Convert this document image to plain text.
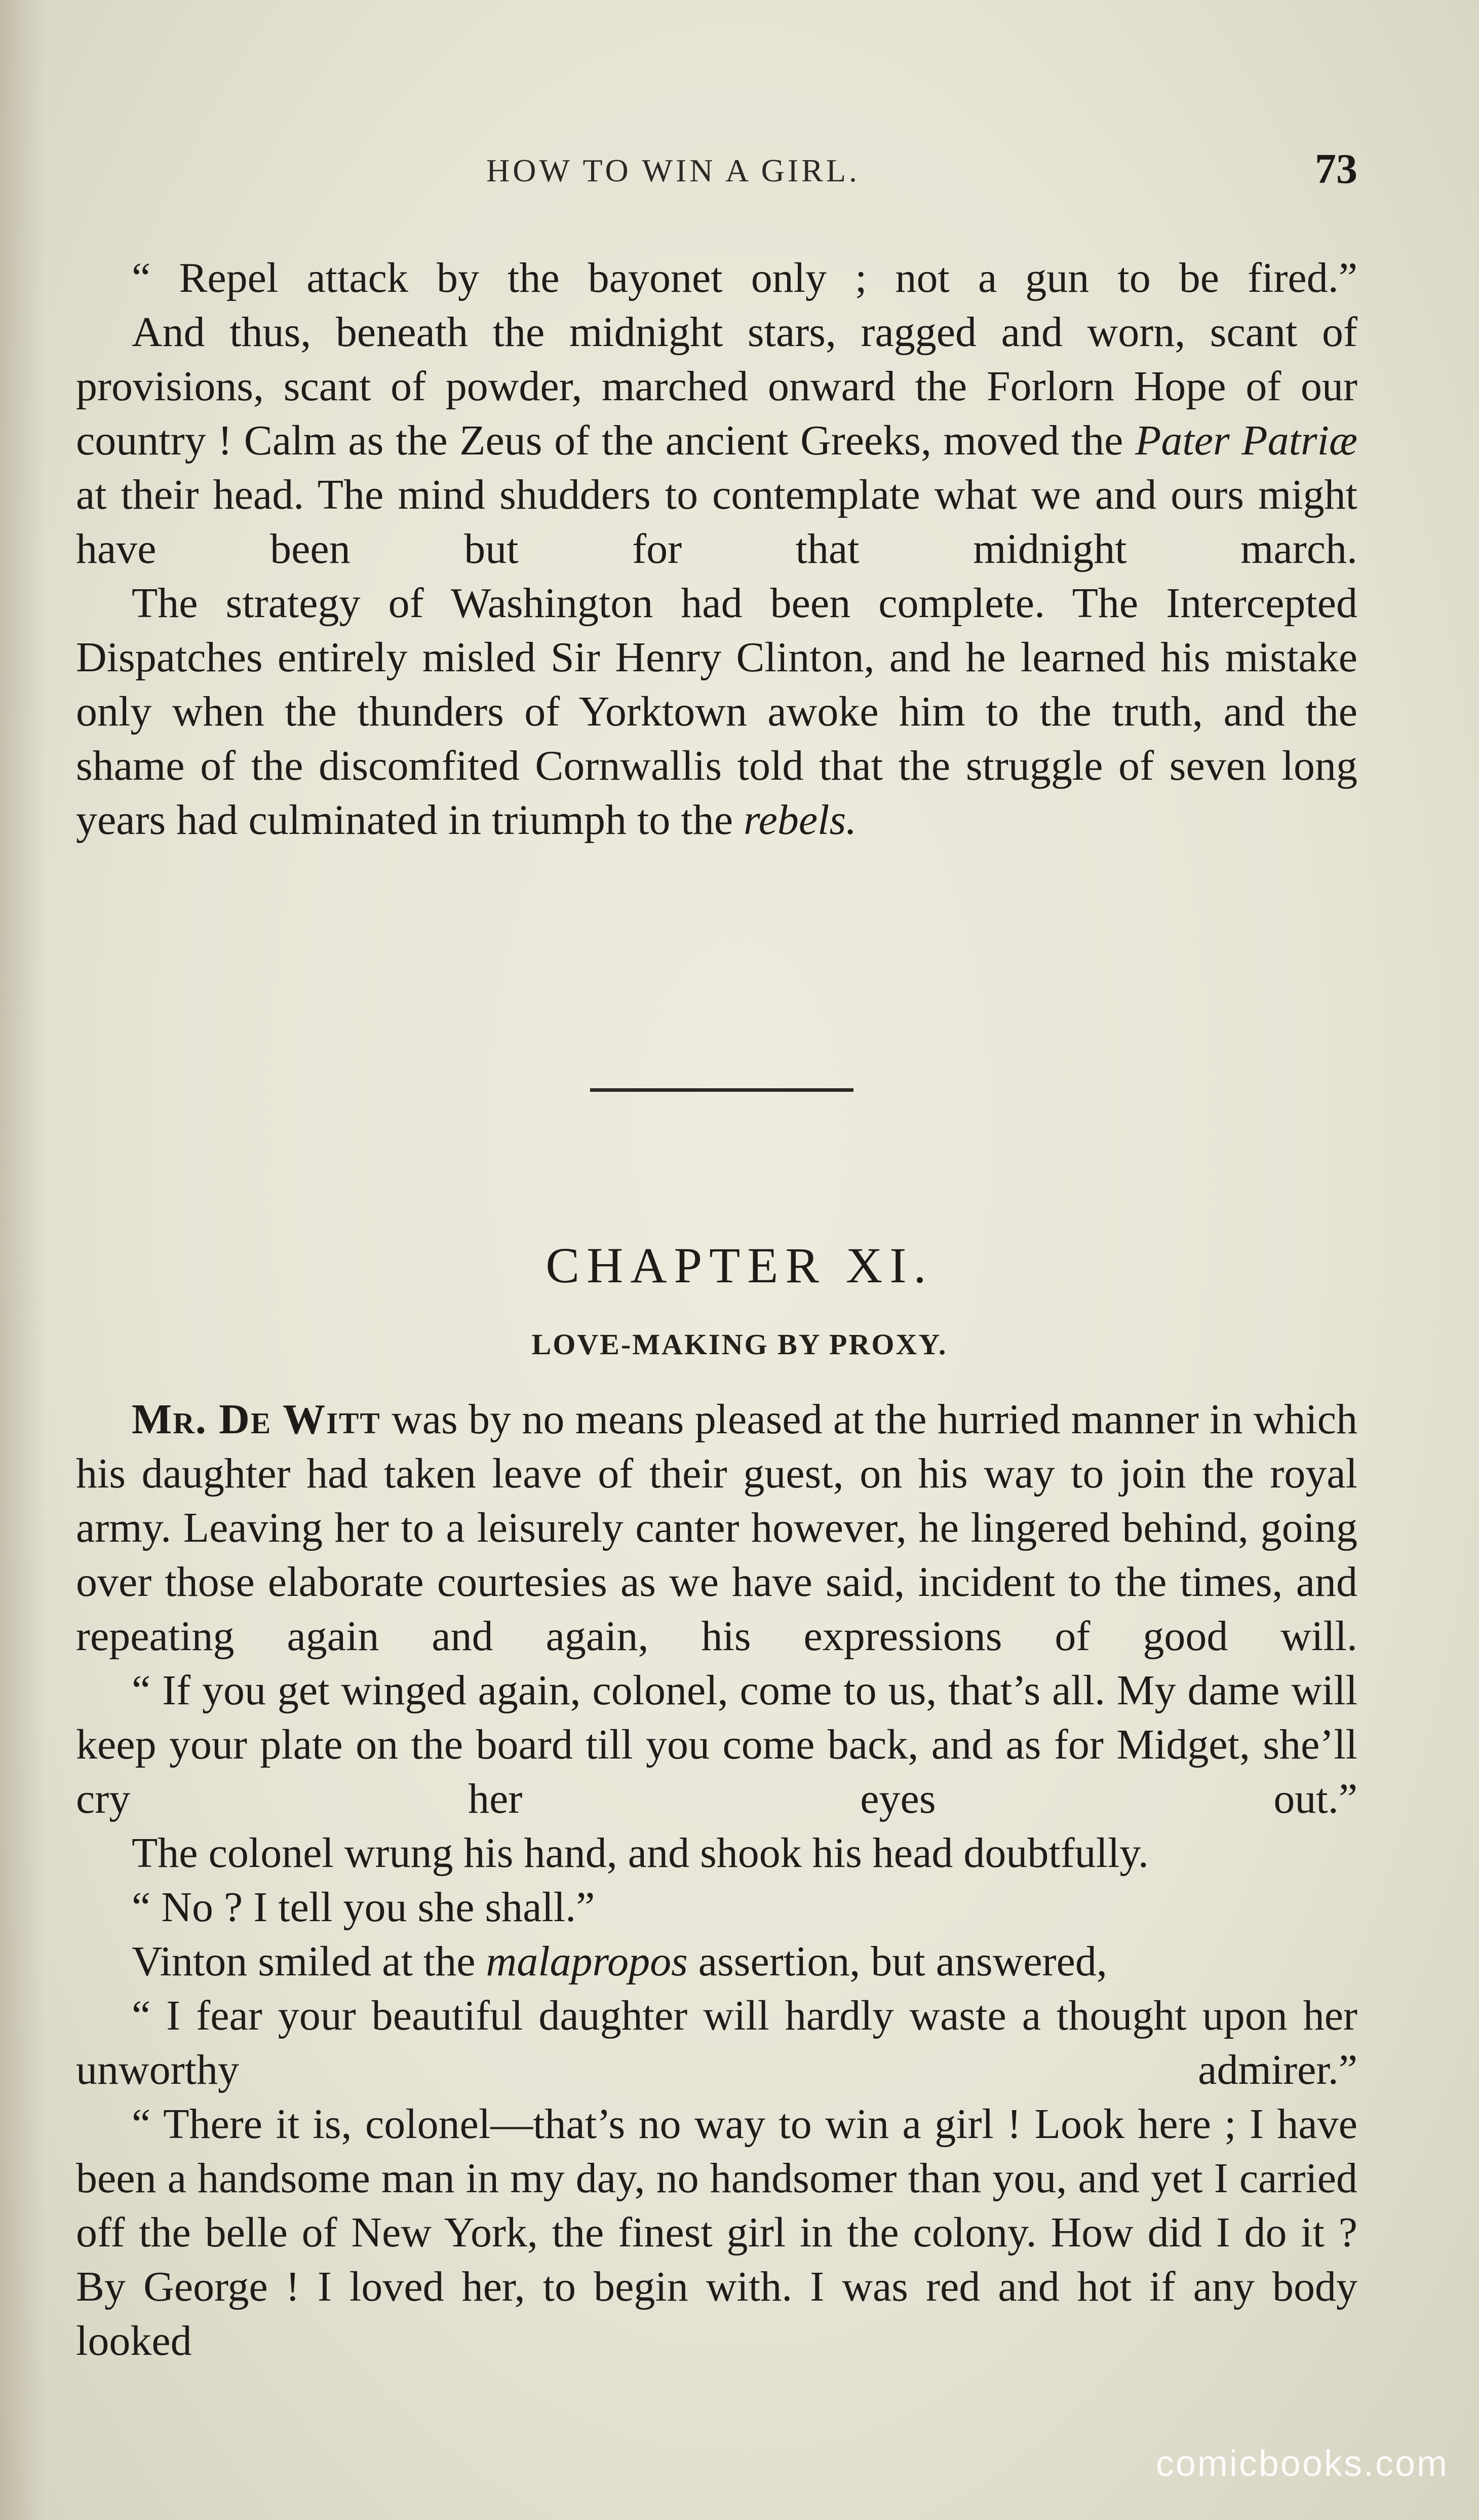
HOW TO WIN A GIRL.	73

“ Repel attack by the bayonet only ; not a gun to be fired.”

And thus, beneath the midnight stars, ragged and worn, scant of provisions, scant of powder, marched onward the Forlorn Hope of our country ! Calm as the Zeus of the ancient Greeks, moved the Pater Patriæ at their head. The mind shudders to contemplate what we and ours might have been but for that midnight march.

The strategy of Washington had been complete. The Intercepted Dispatches entirely misled Sir Henry Clinton, and he learned his mistake only when the thunders of Yorktown awoke him to the truth, and the shame of the discomfited Cornwallis told that the struggle of seven long years had culminated in triumph to the rebels.

CHAPTER XI.
LOVE-MAKING BY PROXY.

Mr. De Witt was by no means pleased at the hurried manner in which his daughter had taken leave of their guest, on his way to join the royal army. Leaving her to a leisurely canter however, he lingered behind, going over those elaborate courtesies as we have said, incident to the times, and repeating again and again, his expressions of good will.

“ If you get winged again, colonel, come to us, that’s all. My dame will keep your plate on the board till you come back, and as for Midget, she’ll cry her eyes out.”

The colonel wrung his hand, and shook his head doubtfully.

“ No ? I tell you she shall.”

Vinton smiled at the malapropos assertion, but answered,

“ I fear your beautiful daughter will hardly waste a thought upon her unworthy admirer.”

“ There it is, colonel—that’s no way to win a girl ! Look here ; I have been a handsome man in my day, no handsomer than you, and yet I carried off the belle of New York, the finest girl in the colony. How did I do it ? By George ! I loved her, to begin with. I was red and hot if any body looked

comicbooks.com
